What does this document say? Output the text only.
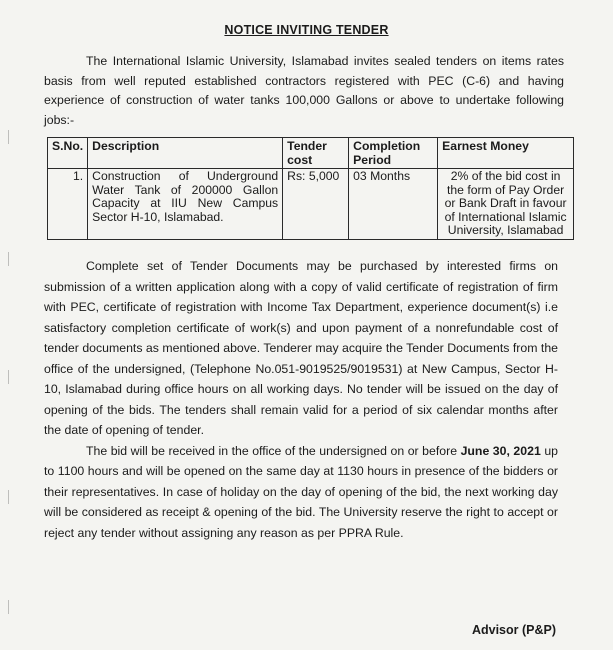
NOTICE INVITING TENDER
The International Islamic University, Islamabad invites sealed tenders on items rates basis from well reputed established contractors registered with PEC (C-6) and having experience of construction of water tanks 100,000 Gallons or above to undertake following jobs:-
S.No.	Description	Tender cost	Completion Period	Earnest Money
1.	Construction of Underground Water Tank of 200000 Gallon Capacity at IIU New Campus Sector H-10, Islamabad.	Rs: 5,000	03 Months	2% of the bid cost in the form of Pay Order or Bank Draft in favour of International Islamic University, Islamabad

Complete set of Tender Documents may be purchased by interested firms on submission of a written application along with a copy of valid certificate of registration of firm with PEC, certificate of registration with Income Tax Department, experience document(s) i.e satisfactory completion certificate of work(s) and upon payment of a nonrefundable cost of tender documents as mentioned above. Tenderer may acquire the Tender Documents from the office of the undersigned, (Telephone No.051-9019525/9019531) at New Campus, Sector H-10, Islamabad during office hours on all working days. No tender will be issued on the day of opening of the bids. The tenders shall remain valid for a period of six calendar months after the date of opening of tender.

The bid will be received in the office of the undersigned on or before June 30, 2021 up to 1100 hours and will be opened on the same day at 1130 hours in presence of the bidders or their representatives. In case of holiday on the day of opening of the bid, the next working day will be considered as receipt & opening of the bid. The University reserve the right to accept or reject any tender without assigning any reason as per PPRA Rule.

Advisor (P&P)
